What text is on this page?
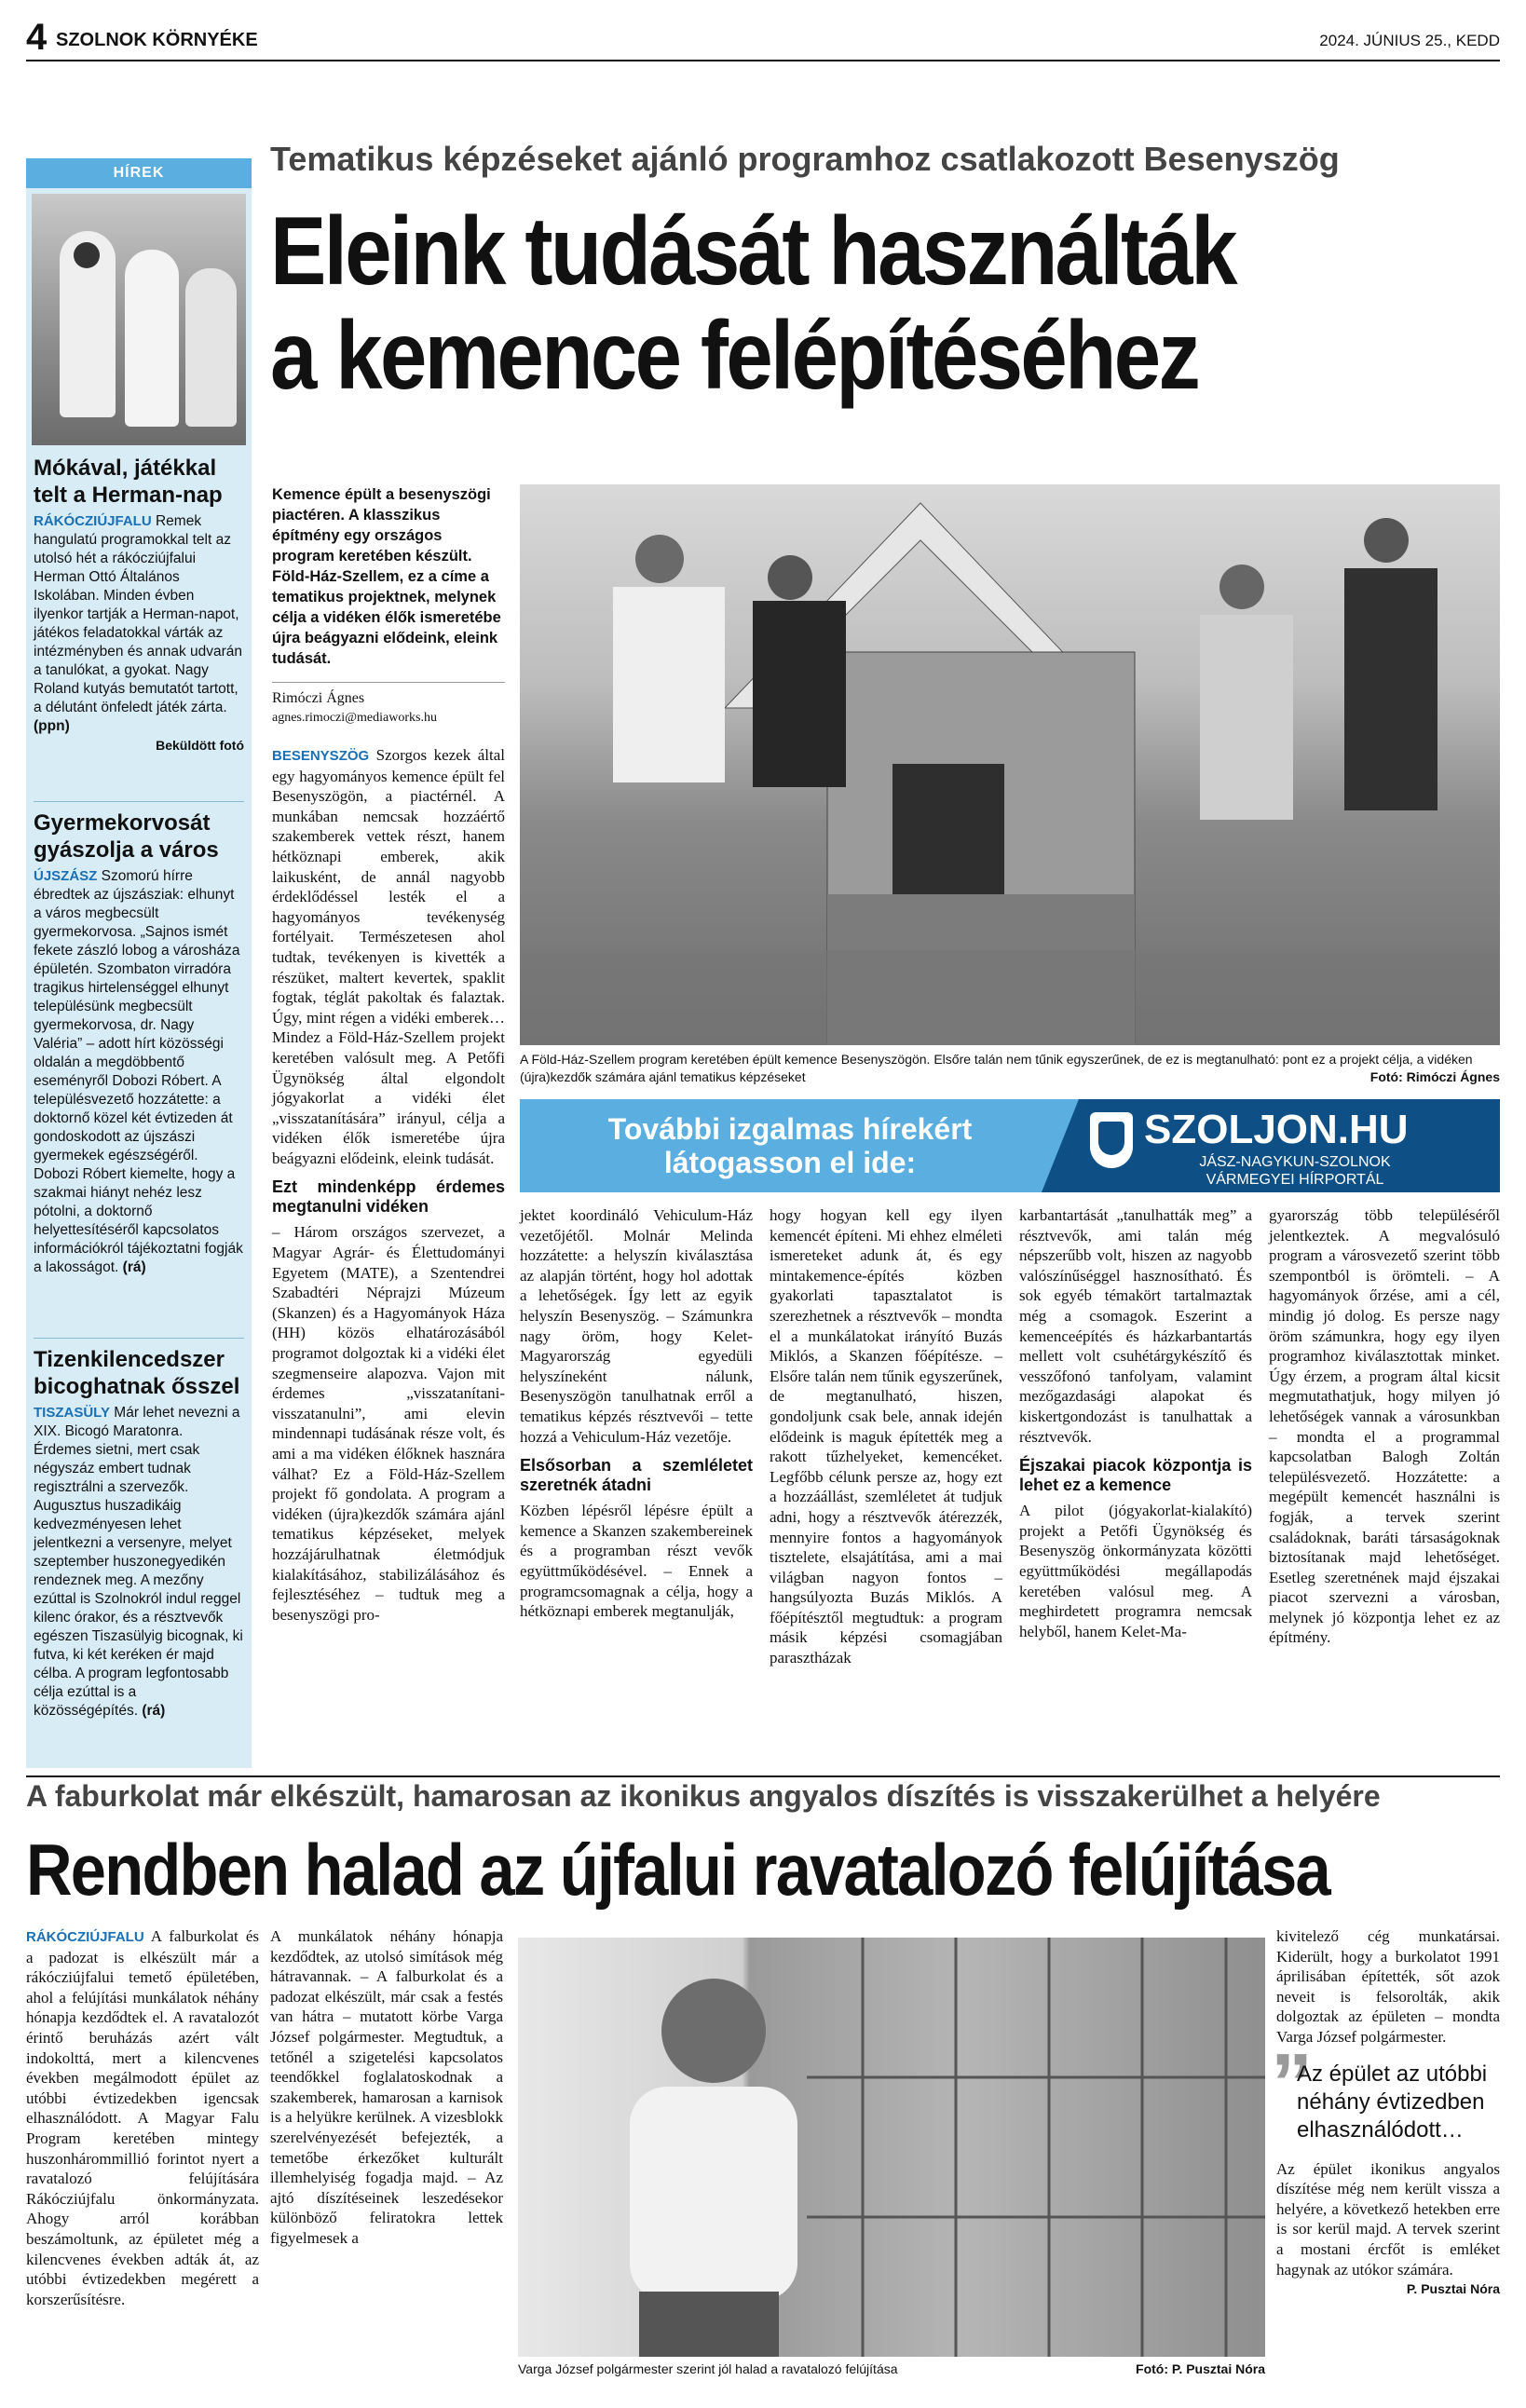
4 SZOLNOK KÖRNYÉKE	2024. JÚNIUS 25., KEDD
HÍREK
Mókával, játékkal telt a Herman-nap
RÁKÓCZIÚJFALU Remek hangulatú programokkal telt az utolsó hét a rákócziújfalui Herman Ottó Általános Iskolában. Minden évben ilyenkor tartják a Herman-napot, játékos feladatokkal várták az intézményben és annak udvarán a tanulókat, a gyokat. Nagy Roland kutyás bemutatót tartott, a délutánt önfeledt játék zárta. (ppn)
Beküldött fotó
Gyermekorvosát gyászolja a város
ÚJSZÁSZ Szomorú hírre ébredtek az újszásziak: elhunyt a város megbecsült gyermekorvosa. „Sajnos ismét fekete zászló lobog a városháza épületén. Szombaton virradóra tragikus hirtelenséggel elhunyt településünk megbecsült gyermekorvosa, dr. Nagy Valéria” – adott hírt közösségi oldalán a megdöbbentő eseményről Dobozi Róbert. A településvezető hozzátette: a doktornő közel két évtizeden át gondoskodott az újszászi gyermekek egészségéről. Dobozi Róbert kiemelte, hogy a szakmai hiányt nehéz lesz pótolni, a doktornő helyettesítéséről kapcsolatos információkról tájékoztatni fogják a lakosságot. (rá)
Tizenkilencedszer bicoghatnak ősszel
TISZASÜLY Már lehet nevezni a XIX. Bicogó Maratonra. Érdemes sietni, mert csak négyszáz embert tudnak regisztrálni a szervezők. Augusztus huszadikáig kedvezményesen lehet jelentkezni a versenyre, melyet szeptember huszonegyedikén rendeznek meg. A mezőny ezúttal is Szolnokról indul reggel kilenc órakor, és a résztvevők egészen Tiszasülyig bicognak, ki futva, ki két keréken ér majd célba. A program legfontosabb célja ezúttal is a közösségépítés. (rá)
Tematikus képzéseket ajánló programhoz csatlakozott Besenyszög
Eleink tudását használták
a kemence felépítéséhez
Kemence épült a besenyszögi piactéren. A klasszikus építmény egy országos program keretében készült. Föld-Ház-Szellem, ez a címe a tematikus projektnek, melynek célja a vidéken élők ismeretébe újra beágyazni elődeink, eleink tudását.
Rimóczi Ágnes
agnes.rimoczi@mediaworks.hu
A Föld-Ház-Szellem program keretében épült kemence Besenyszögön. Elsőre talán nem tűnik egyszerűnek, de ez is megtanulható: pont ez a projekt célja, a vidéken (újra)kezdők számára ajánl tematikus képzéseket	Fotó: Rimóczi Ágnes
BESENYSZÖG Szorgos kezek által egy hagyományos kemence épült fel Besenyszögön, a piactérnél. A munkában nemcsak hozzáértő szakemberek vettek részt, hanem hétköznapi emberek, akik laikusként, de annál nagyobb érdeklődéssel lesték el a hagyományos tevékenység fortélyait. Természetesen ahol tudtak, tevékenyen is kivették a részüket, maltert kevertek, spaklit fogtak, téglát pakoltak és falaztak. Úgy, mint régen a vidéki emberek… Mindez a Föld-Ház-Szellem projekt keretében valósult meg. A Petőfi Ügynökség által elgondolt jógyakorlat a vidéki élet „visszatanítására” irányul, célja a vidéken élők ismeretébe újra beágyazni elődeink, eleink tudását.
Ezt mindenképp érdemes megtanulni vidéken
– Három országos szervezet, a Magyar Agrár- és Élettudományi Egyetem (MATE), a Szentendrei Szabadtéri Néprajzi Múzeum (Skanzen) és a Hagyományok Háza (HH) közös elhatározásából programot dolgoztak ki a vidéki élet szegmenseire alapozva. Vajon mit érdemes „visszatanítani-visszatanulni”, ami elevin mindennapi tudásának része volt, és ami a ma vidéken élőknek hasznára válhat? Ez a Föld-Ház-Szellem projekt fő gondolata. A program a vidéken (újra)kezdők számára ajánl tematikus képzéseket, melyek hozzájárulhatnak életmódjuk kialakításához, stabilizálásához és fejlesztéséhez – tudtuk meg a besenyszögi pro-
További izgalmas hírekért
látogasson el ide:
SZOLJON.HU
JÁSZ-NAGYKUN-SZOLNOK
VÁRMEGYEI HÍRPORTÁL
jektet koordináló Vehiculum-Ház vezetőjétől. Molnár Melinda hozzátette: a helyszín kiválasztása az alapján történt, hogy hol adottak a lehetőségek. Így lett az egyik helyszín Besenyszög. – Számunkra nagy öröm, hogy Kelet-Magyarország egyedüli helyszíneként nálunk, Besenyszögön tanulhatnak erről a tematikus képzés résztvevői – tette hozzá a Vehiculum-Ház vezetője.
Elsősorban a szemléletet szeretnék átadni
Közben lépésről lépésre épült a kemence a Skanzen szakembereinek és a programban részt vevők együttműködésével. – Ennek a programcsomagnak a célja, hogy a hétköznapi emberek megtanulják,
hogy hogyan kell egy ilyen kemencét építeni. Mi ehhez elméleti ismereteket adunk át, és egy mintakemence-építés közben gyakorlati tapasztalatot is szerezhetnek a résztvevők – mondta el a munkálatokat irányító Buzás Miklós, a Skanzen főépítésze. – Elsőre talán nem tűnik egyszerűnek, de megtanulható, hiszen, gondoljunk csak bele, annak idején elődeink is maguk építették meg a rakott tűzhelyeket, kemencéket. Legfőbb célunk persze az, hogy ezt a hozzáállást, szemléletet át tudjuk adni, hogy a résztvevők átérezzék, mennyire fontos a hagyományok tisztelete, elsajátítása, ami a mai világban nagyon fontos – hangsúlyozta Buzás Miklós. A főépítésztől megtudtuk: a program másik képzési csomagjában parasztházak
karbantartását „tanulhatták meg” a résztvevők, ami talán még népszerűbb volt, hiszen az nagyobb valószínűséggel hasznosítható. És sok egyéb témakört tartalmaztak még a csomagok. Eszerint a kemenceépítés és házkarbantartás mellett volt csuhétárgykészítő és vesszőfonó tanfolyam, valamint mezőgazdasági alapokat és kiskertgondozást is tanulhattak a résztvevők.
Éjszakai piacok központja is lehet ez a kemence
A pilot (jógyakorlat-kialakító) projekt a Petőfi Ügynökség és Besenyszög önkormányzata közötti együttműködési megállapodás keretében valósul meg. A meghirdetett programra nemcsak helyből, hanem Kelet-Ma-
gyarország több településéről jelentkeztek. A megvalósuló program a városvezető szerint több szempontból is örömteli. – A hagyományok őrzése, ami a cél, mindig jó dolog. Es persze nagy öröm számunkra, hogy egy ilyen programhoz kiválasztottak minket. Úgy érzem, a program által kicsit megmutathatjuk, hogy milyen jó lehetőségek vannak a városunkban – mondta el a programmal kapcsolatban Balogh Zoltán településvezető. Hozzátette: a megépült kemencét használni is fogják, a tervek szerint családoknak, baráti társaságoknak biztosítanak majd lehetőséget. Esetleg szeretnének majd éjszakai piacot szervezni a városban, melynek jó központja lehet ez az építmény.
A faburkolat már elkészült, hamarosan az ikonikus angyalos díszítés is visszakerülhet a helyére
Rendben halad az újfalui ravatalozó felújítása
RÁKÓCZIÚJFALU A falburkolat és a padozat is elkészült már a rákócziújfalui temető épületében, ahol a felújítási munkálatok néhány hónapja kezdődtek el. A ravatalozót érintő beruházás azért vált indokolttá, mert a kilencvenes években megálmodott épület az utóbbi évtizedekben igencsak elhasználódott. A Magyar Falu Program keretében mintegy huszonhárommillió forintot nyert a ravatalozó felújítására Rákócziújfalu önkormányzata. Ahogy arról korábban beszámoltunk, az épületet még a kilencvenes években adták át, az utóbbi évtizedekben megérett a korszerűsítésre.
A munkálatok néhány hónapja kezdődtek, az utolsó simítások még hátravannak. – A falburkolat és a padozat elkészült, már csak a festés van hátra – mutatott körbe Varga József polgármester. Megtudtuk, a tetőnél a szigetelési kapcsolatos teendőkkel foglalatoskodnak a szakemberek, hamarosan a karnisok is a helyükre kerülnek. A vizesblokk szerelvényezését befejezték, a temetőbe érkezőket kulturált illemhelyiség fogadja majd. – Az ajtó díszítéseinek leszedésekor különböző feliratokra lettek figyelmesek a
Varga József polgármester szerint jól halad a ravatalozó felújítása	Fotó: P. Pusztai Nóra
kivitelező cég munkatársai. Kiderült, hogy a burkolatot 1991 áprilisában építették, sőt azok neveit is felsorolták, akik dolgoztak az épületen – mondta Varga József polgármester.
”
Az épület az utóbbi néhány évtizedben elhasználódott…
Az épület ikonikus angyalos díszítése még nem került vissza a helyére, a következő hetekben erre is sor kerül majd. A tervek szerint a mostani ércfőt is emléket hagynak az utókor számára.
P. Pusztai Nóra
